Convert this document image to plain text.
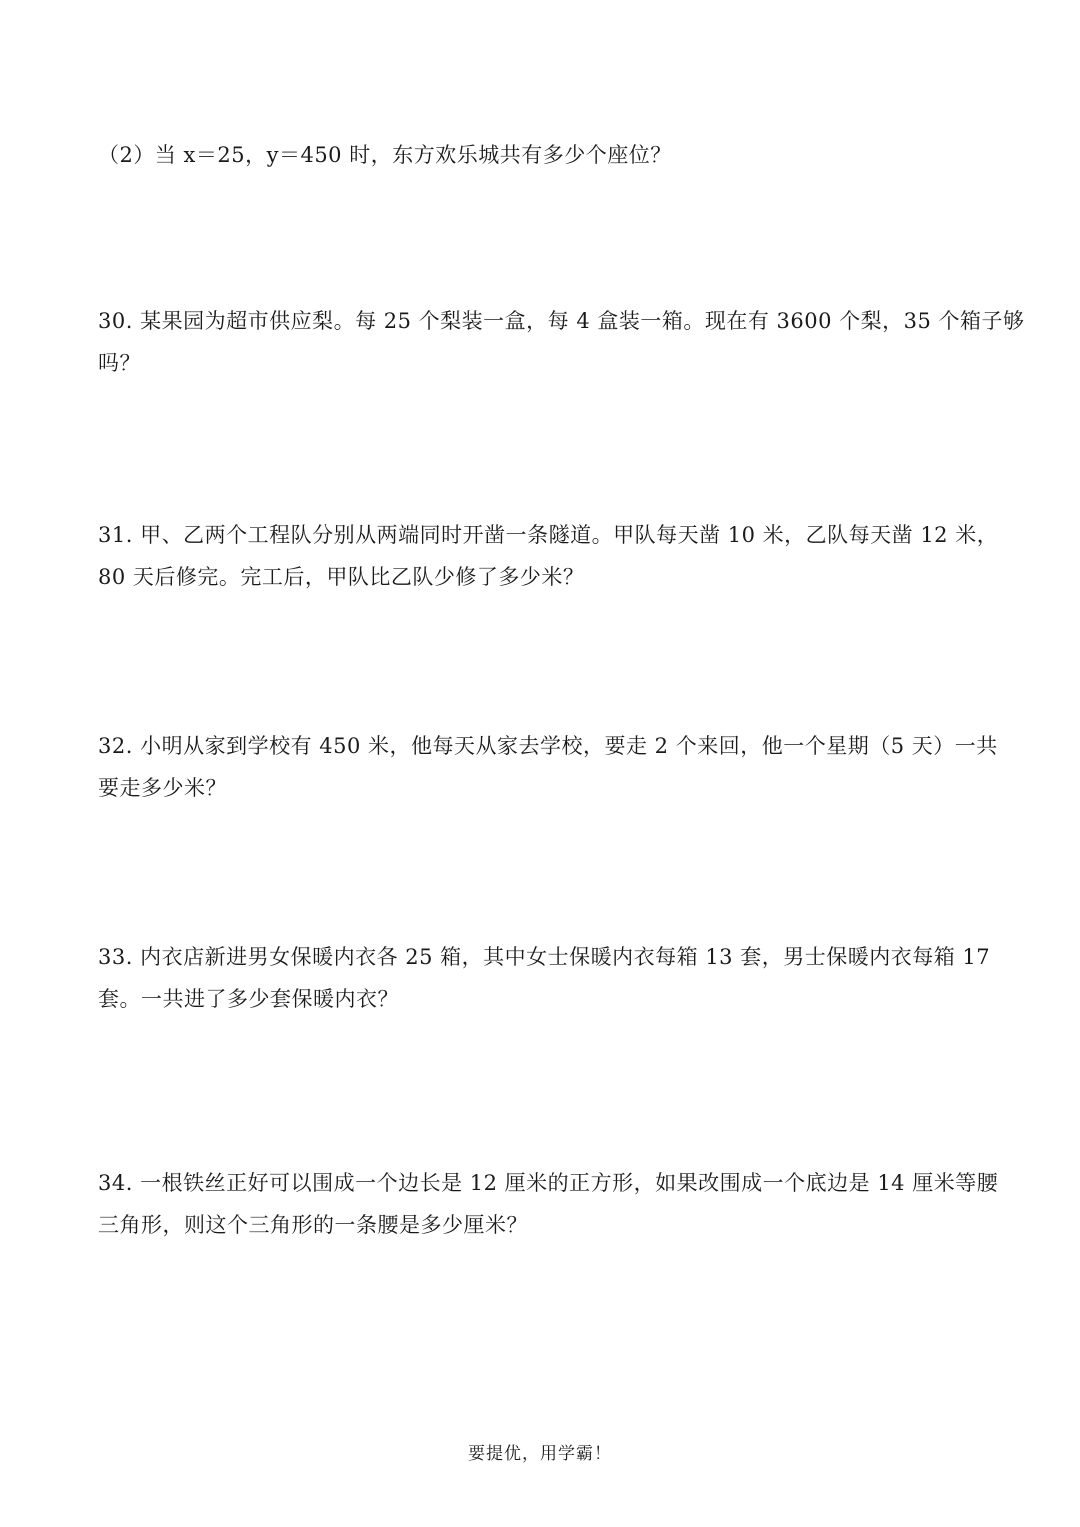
（2）当 x＝25，y＝450 时，东方欢乐城共有多少个座位？

30. 某果园为超市供应梨。每 25 个梨装一盒，每 4 盒装一箱。现在有 3600 个梨，35 个箱子够
吗？

31. 甲、乙两个工程队分别从两端同时开凿一条隧道。甲队每天凿 10 米，乙队每天凿 12 米，
80 天后修完。完工后，甲队比乙队少修了多少米？

32. 小明从家到学校有 450 米，他每天从家去学校，要走 2 个来回，他一个星期（5 天）一共
要走多少米？

33. 内衣店新进男女保暖内衣各 25 箱，其中女士保暖内衣每箱 13 套，男士保暖内衣每箱 17
套。一共进了多少套保暖内衣？

34. 一根铁丝正好可以围成一个边长是 12 厘米的正方形，如果改围成一个底边是 14 厘米等腰
三角形，则这个三角形的一条腰是多少厘米？

要提优，用学霸！
